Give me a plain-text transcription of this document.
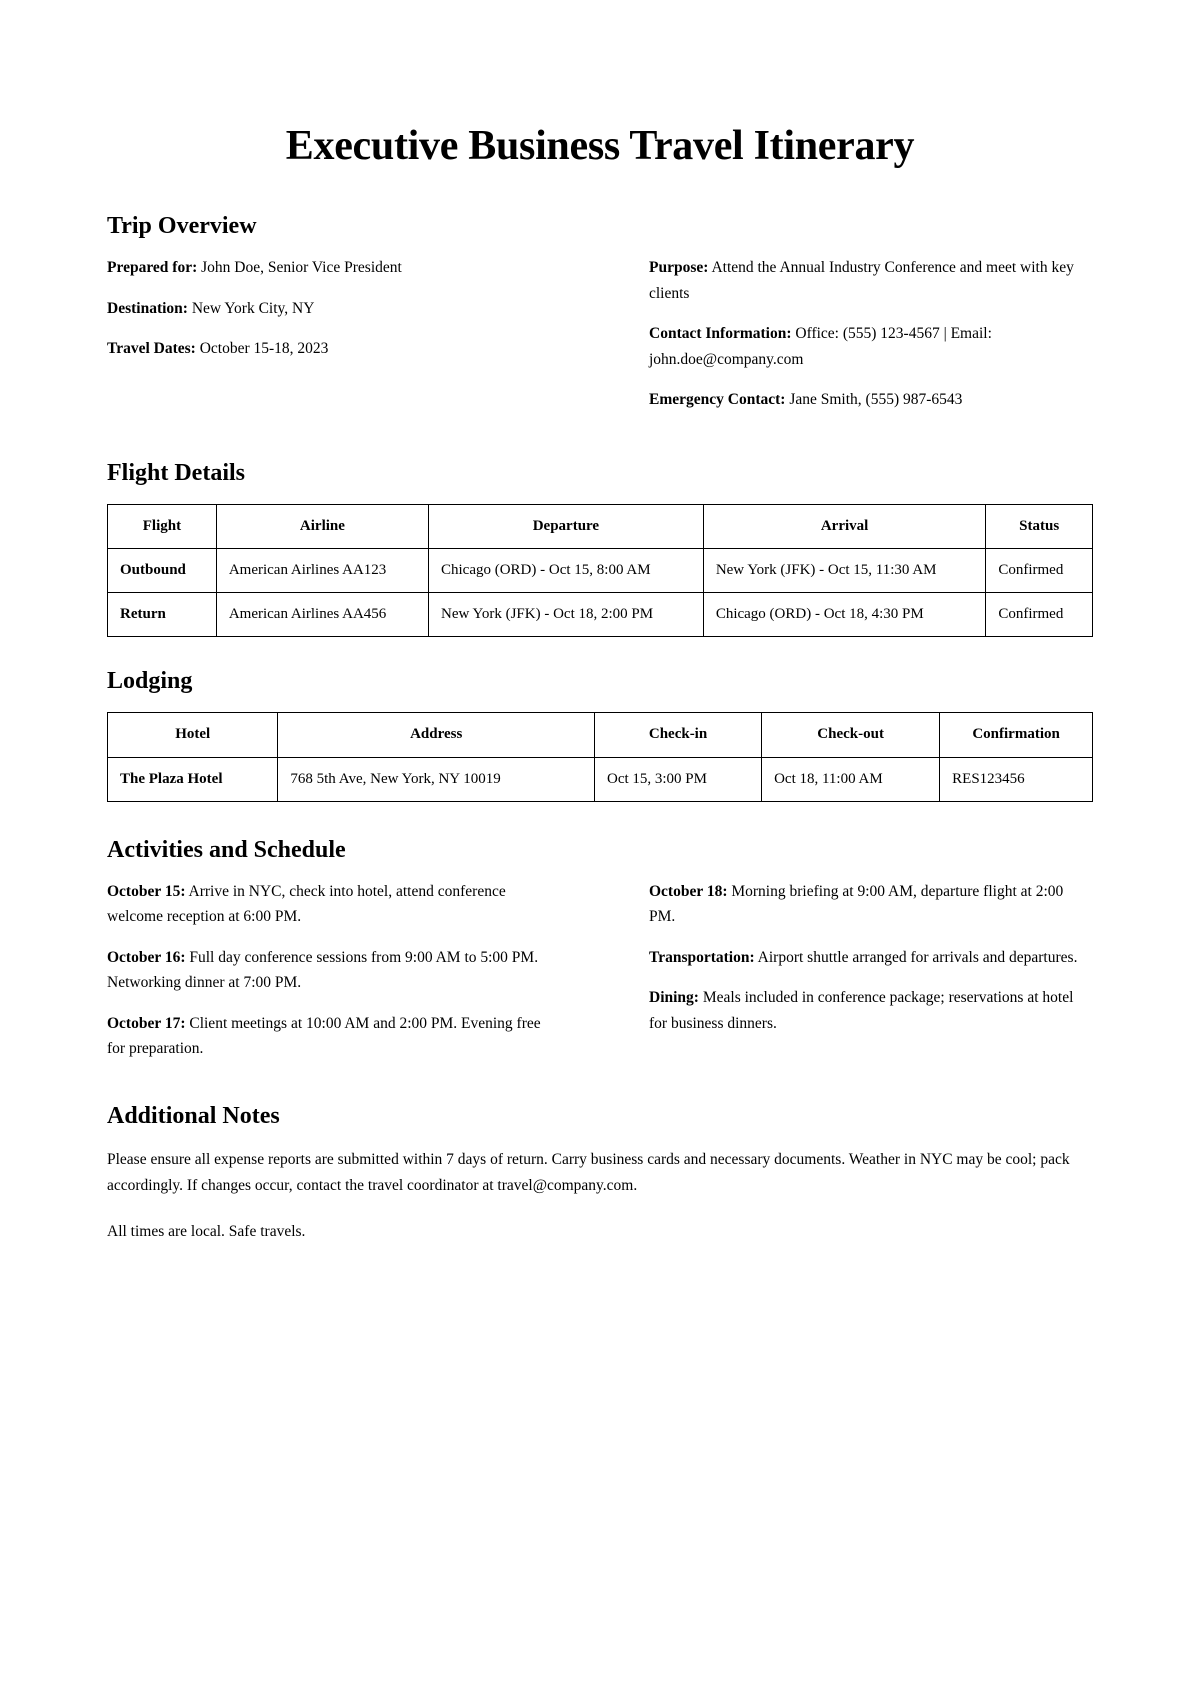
Executive Business Travel Itinerary
Trip Overview

Prepared for: John Doe, Senior Vice President

Destination: New York City, NY

Travel Dates: October 15-18, 2023

Purpose: Attend the Annual Industry Conference and meet with key clients

Contact Information: Office: (555) 123-4567 | Email: john.doe@company.com

Emergency Contact: Jane Smith, (555) 987-6543

Flight Details
Flight	Airline	Departure	Arrival	Status
Outbound	American Airlines AA123	Chicago (ORD) - Oct 15, 8:00 AM	New York (JFK) - Oct 15, 11:30 AM	Confirmed
Return	American Airlines AA456	New York (JFK) - Oct 18, 2:00 PM	Chicago (ORD) - Oct 18, 4:30 PM	Confirmed
Lodging
Hotel	Address	Check-in	Check-out	Confirmation
The Plaza Hotel	768 5th Ave, New York, NY 10019	Oct 15, 3:00 PM	Oct 18, 11:00 AM	RES123456
Activities and Schedule

October 15: Arrive in NYC, check into hotel, attend conference welcome reception at 6:00 PM.

October 16: Full day conference sessions from 9:00 AM to 5:00 PM. Networking dinner at 7:00 PM.

October 17: Client meetings at 10:00 AM and 2:00 PM. Evening free for preparation.

October 18: Morning briefing at 9:00 AM, departure flight at 2:00 PM.

Transportation: Airport shuttle arranged for arrivals and departures.

Dining: Meals included in conference package; reservations at hotel for business dinners.

Additional Notes

Please ensure all expense reports are submitted within 7 days of return. Carry business cards and necessary documents. Weather in NYC may be cool; pack accordingly. If changes occur, contact the travel coordinator at travel@company.com.

All times are local. Safe travels.
